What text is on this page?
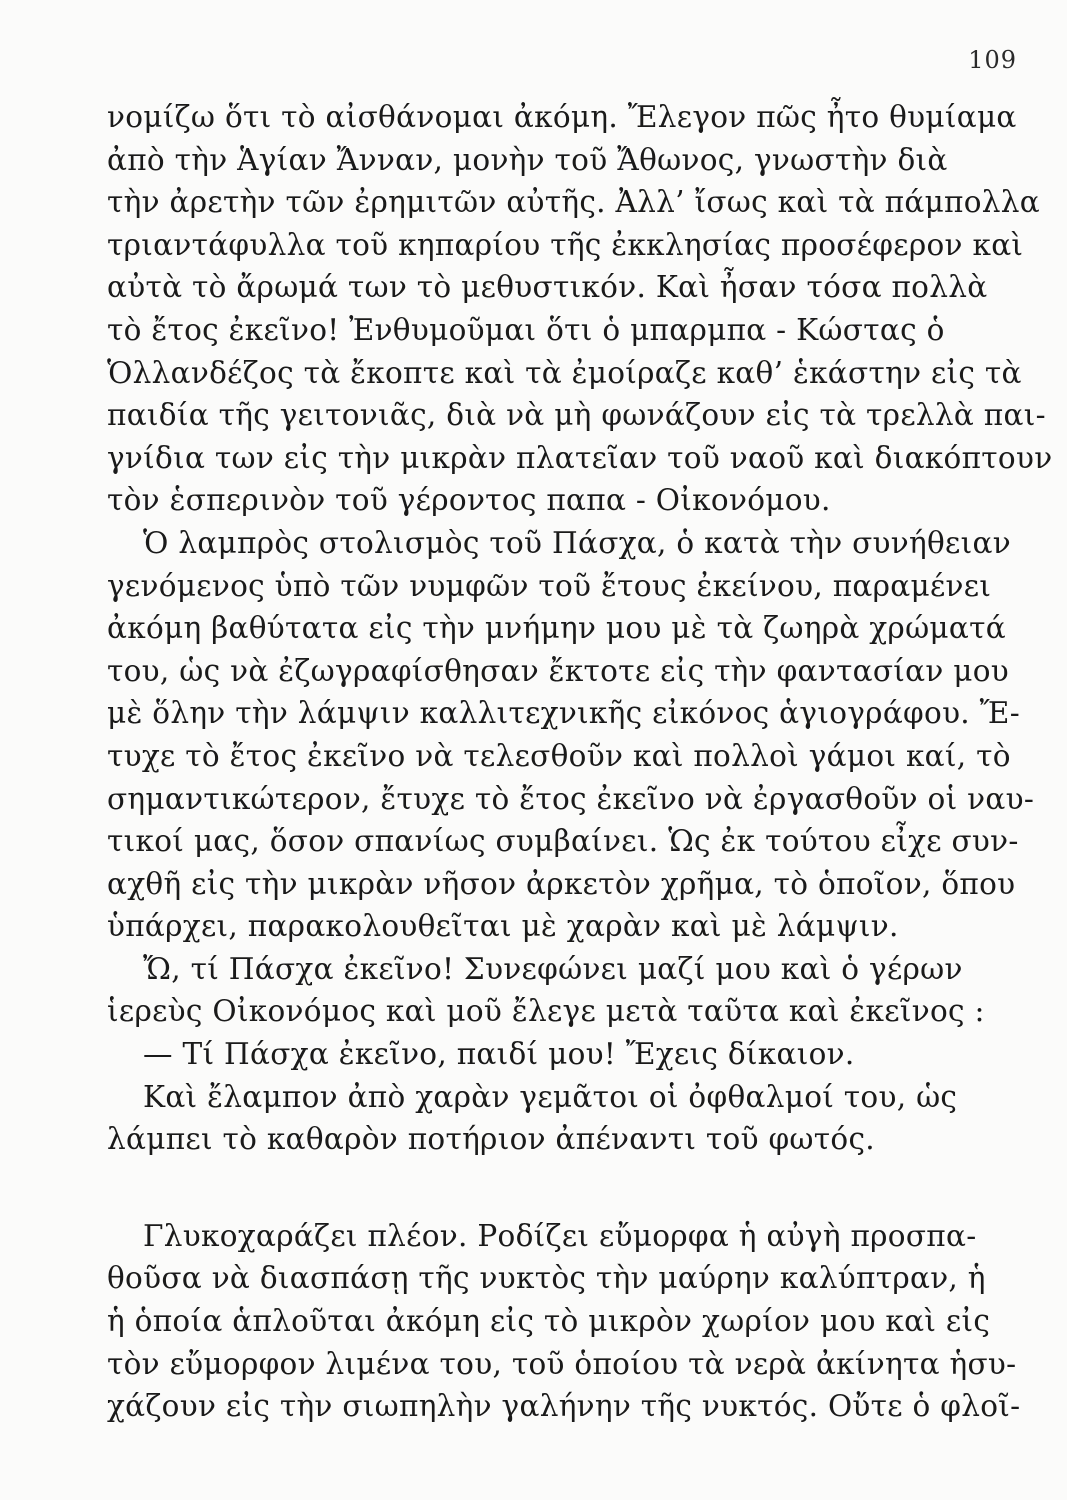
109
νομίζω ὅτι τὸ αἰσθάνομαι ἀκόμη. Ἔλεγον πῶς ἦτο θυμίαμα
ἀπὸ τὴν Ἁγίαν Ἄνναν, μονὴν τοῦ Ἄθωνος, γνωστὴν διὰ
τὴν ἀρετὴν τῶν ἐρημιτῶν αὐτῆς. Ἀλλ’ ἴσως καὶ τὰ πάμπολλα
τριαντάφυλλα τοῦ κηπαρίου τῆς ἐκκλησίας προσέφερον καὶ
αὐτὰ τὸ ἄρωμά των τὸ μεθυστικόν. Καὶ ἦσαν τόσα πολλὰ
τὸ ἔτος ἐκεῖνο! Ἐνθυμοῦμαι ὅτι ὁ μπαρμπα - Κώστας ὁ
Ὁλλανδέζος τὰ ἔκοπτε καὶ τὰ ἐμοίραζε καθ’ ἑκάστην εἰς τὰ
παιδία τῆς γειτονιᾶς, διὰ νὰ μὴ φωνάζουν εἰς τὰ τρελλὰ παι-
γνίδια των εἰς τὴν μικρὰν πλατεῖαν τοῦ ναοῦ καὶ διακόπτουν
τὸν ἑσπερινὸν τοῦ γέροντος παπα - Οἰκονόμου.
Ὁ λαμπρὸς στολισμὸς τοῦ Πάσχα, ὁ κατὰ τὴν συνήθειαν
γενόμενος ὑπὸ τῶν νυμφῶν τοῦ ἔτους ἐκείνου, παραμένει
ἀκόμη βαθύτατα εἰς τὴν μνήμην μου μὲ τὰ ζωηρὰ χρώματά
του, ὡς νὰ ἐζωγραφίσθησαν ἔκτοτε εἰς τὴν φαντασίαν μου
μὲ ὅλην τὴν λάμψιν καλλιτεχνικῆς εἰκόνος ἁγιογράφου. Ἔ-
τυχε τὸ ἔτος ἐκεῖνο νὰ τελεσθοῦν καὶ πολλοὶ γάμοι καί, τὸ
σημαντικώτερον, ἔτυχε τὸ ἔτος ἐκεῖνο νὰ ἐργασθοῦν οἱ ναυ-
τικοί μας, ὅσον σπανίως συμβαίνει. Ὡς ἐκ τούτου εἶχε συν-
αχθῆ εἰς τὴν μικρὰν νῆσον ἀρκετὸν χρῆμα, τὸ ὁποῖον, ὅπου
ὑπάρχει, παρακολουθεῖται μὲ χαρὰν καὶ μὲ λάμψιν.
Ὤ, τί Πάσχα ἐκεῖνο! Συνεφώνει μαζί μου καὶ ὁ γέρων
ἱερεὺς Οἰκονόμος καὶ μοῦ ἔλεγε μετὰ ταῦτα καὶ ἐκεῖνος :
— Τί Πάσχα ἐκεῖνο, παιδί μου! Ἔχεις δίκαιον.
Καὶ ἔλαμπον ἀπὸ χαρὰν γεμᾶτοι οἱ ὀφθαλμοί του, ὡς
λάμπει τὸ καθαρὸν ποτήριον ἀπέναντι τοῦ φωτός.
Γλυκοχαράζει πλέον. Ροδίζει εὔμορφα ἡ αὐγὴ προσπα-
θοῦσα νὰ διασπάσῃ τῆς νυκτὸς τὴν μαύρην καλύπτραν, ἡ
ἡ ὁποία ἁπλοῦται ἀκόμη εἰς τὸ μικρὸν χωρίον μου καὶ εἰς
τὸν εὔμορφον λιμένα του, τοῦ ὁποίου τὰ νερὰ ἀκίνητα ἡσυ-
χάζουν εἰς τὴν σιωπηλὴν γαλήνην τῆς νυκτός. Οὔτε ὁ φλοῖ-
